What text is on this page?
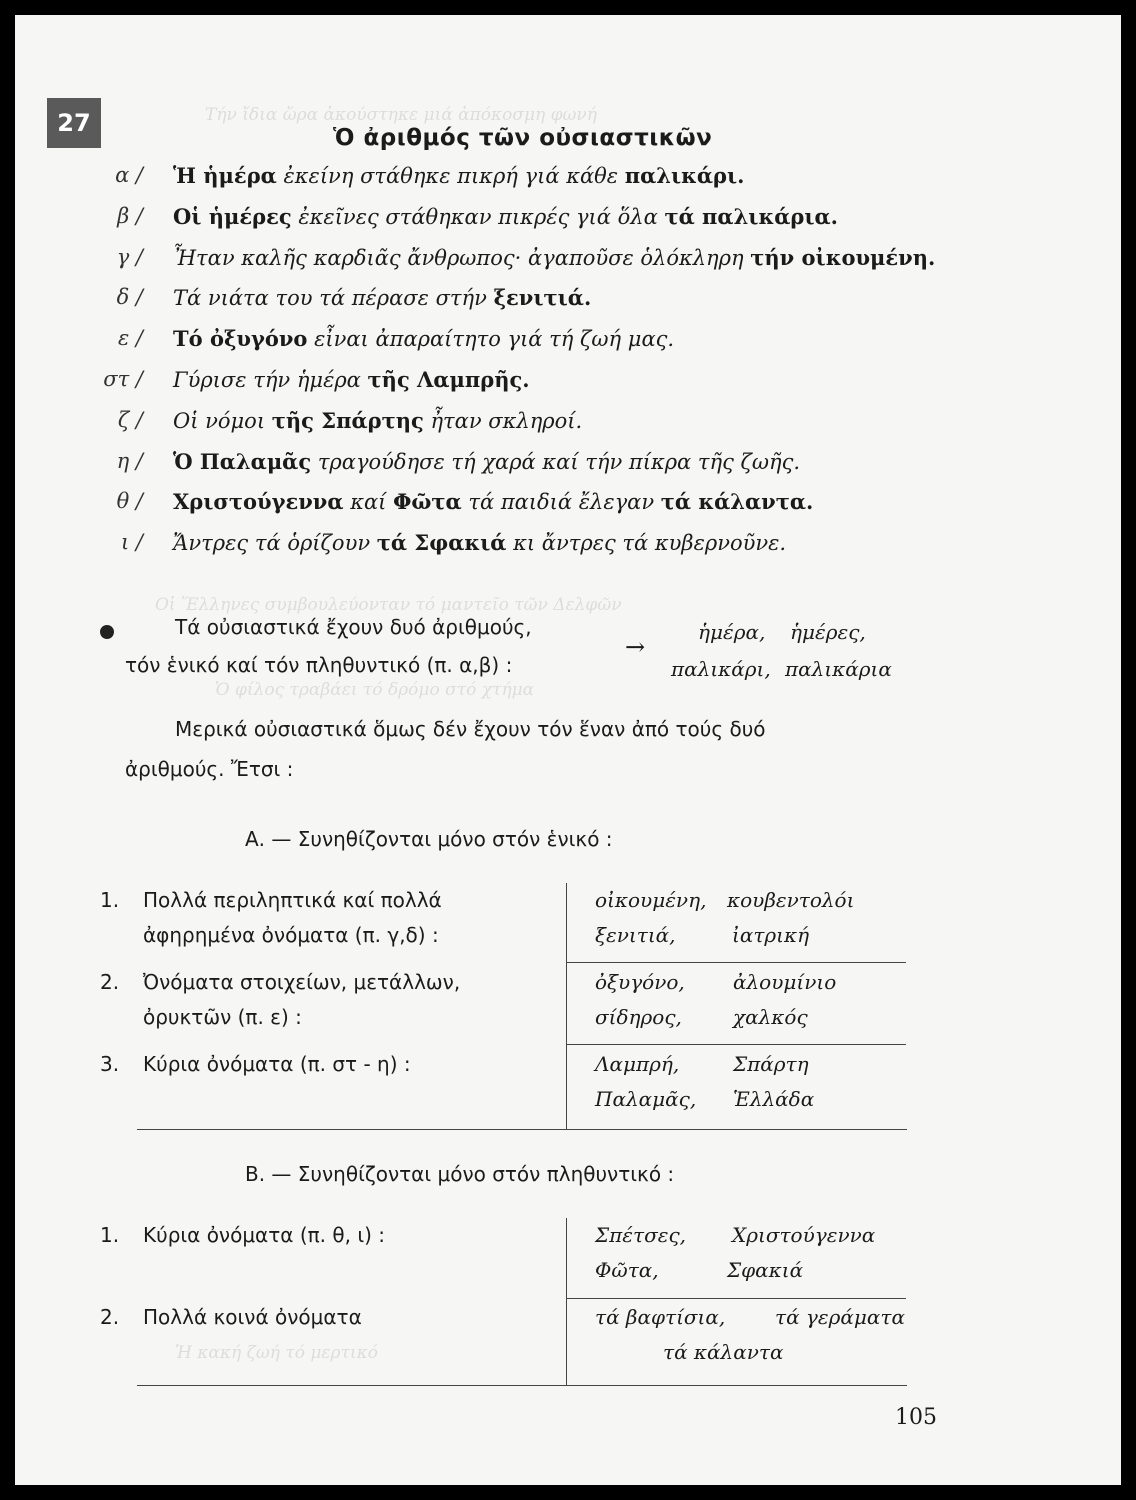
Τήν ἴδια ὥρα ἀκούστηκε μιά ἀπόκοσμη φωνή
Οἱ Ἕλληνες συμβουλεύονταν τό μαντεῖο τῶν Δελφῶν
Ὁ φίλος τραβάει τό δρόμο στό χτήμα
Ἡ κακή ζωή τό μερτικό
27
Ὁ ἀριθμός τῶν οὐσιαστικῶν
α / Ἡ ἡμέρα ἐκείνη στάθηκε πικρή γιά κάθε παλικάρι.
β / Οἱ ἡμέρες ἐκεῖνες στάθηκαν πικρές γιά ὅλα τά παλικάρια.
γ / Ἦταν καλῆς καρδιᾶς ἄνθρωπος· ἀγαποῦσε ὁλόκληρη τήν οἰκουμένη.
δ / Τά νιάτα του τά πέρασε στήν ξενιτιά.
ε / Τό ὀξυγόνο εἶναι ἀπαραίτητο γιά τή ζωή μας.
στ / Γύρισε τήν ἡμέρα τῆς Λαμπρῆς.
ζ / Οἱ νόμοι τῆς Σπάρτης ἦταν σκληροί.
η / Ὁ Παλαμᾶς τραγούδησε τή χαρά καί τήν πίκρα τῆς ζωῆς.
θ / Χριστούγεννα καί Φῶτα τά παιδιά ἔλεγαν τά κάλαντα.
ι / Ἄντρες τά ὁρίζουν τά Σφακιά κι ἄντρες τά κυβερνοῦνε.
Τά οὐσιαστικά ἔχουν δυό ἀριθμούς,
τόν ἑνικό καί τόν πληθυντικό (π. α,β) :
→
ἡμέρα, ἡμέρες,
παλικάρι, παλικάρια
Μερικά οὐσιαστικά ὅμως δέν ἔχουν τόν ἕναν ἀπό τούς δυό
ἀριθμούς. Ἔτσι :
Α. — Συνηθίζονται μόνο στόν ἑνικό :
1. Πολλά περιληπτικά καί πολλά
ἀφηρημένα ὀνόματα (π. γ,δ) :
οἰκουμένη, κουβεντολόι
ξενιτιά,	ἰατρική
2. Ὀνόματα στοιχείων, μετάλλων,
ὀρυκτῶν (π. ε) :
ὀξυγόνο, ἀλουμίνιο
σίδηρος,	χαλκός
3. Κύρια ὀνόματα (π. στ - η) :	Λαμπρή,	Σπάρτη
Παλαμᾶς, Ἑλλάδα
Β. — Συνηθίζονται μόνο στόν πληθυντικό :
1. Κύρια ὀνόματα (π. θ, ι) :	Σπέτσες, Χριστούγεννα
Φῶτα,	Σφακιά
2. Πολλά κοινά ὀνόματα	τά βαφτίσια, τά γεράματα
τά κάλαντα
105
